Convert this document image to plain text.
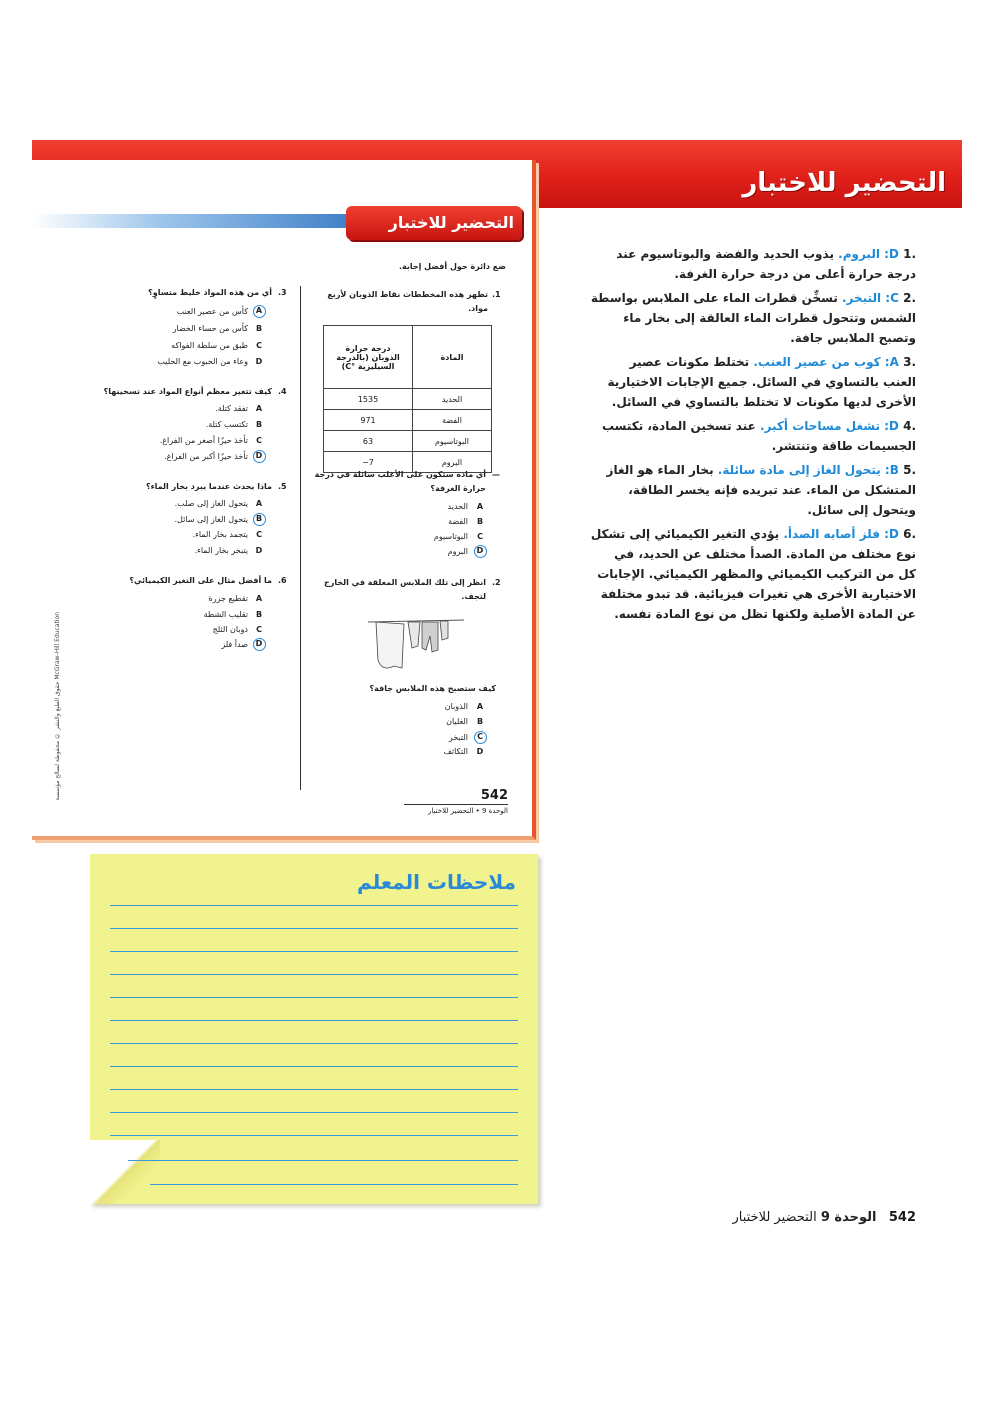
التحضير للاختبار
التحضير للاختبار
ضع دائرة حول أفضل إجابة.
1.
تظهر هذه المخططات نقاط الذوبان لأربع
مواد.
المادة	درجة حرارة
الذوبان (بالدرجة
السيليزية °C)

الحديد	1535
الفضة	971
البوتاسيوم	63
البروم	7−
—
أي مادة ستكون على الأغلب سائلة في درجة
حرارة الغرفة؟
A
الحديد
B
الفضة
C
البوتاسيوم
D
البروم
2.
انظر إلى تلك الملابس المعلقة في الخارج
لتجف.
كيف ستصبح هذه الملابس جافة؟
A
الذوبان
B
الغليان
C
التبخر
D
التكاثف
3.
أي من هذه المواد خليط متساوٍ؟
A
كأس من عصير العنب
B
كأس من حساء الخضار
C
طبق من سلطة الفواكه
D
وعاء من الحبوب مع الحليب
4.
كيف تتغير معظم أنواع المواد عند تسخينها؟
A
تفقد كتلة.
B
تكتسب كتلة.
C
تأخذ حيزًا أصغر من الفراغ.
D
تأخذ حيزًا أكبر من الفراغ.
5.
ماذا يحدث عندما يبرد بخار الماء؟
A
يتحول الغاز إلى صلب.
B
يتحول الغاز إلى سائل.
C
يتجمد بخار الماء.
D
يتبخر بخار الماء.
6.
ما أفضل مثال على التغير الكيميائي؟
A
تقطيع جزرة
B
تقليب الشطة
C
ذوبان الثلج
D
صدأ فلز
حقوق الطبع والنشر © محفوظة لصالح مؤسسة McGraw-Hill Education
542
الوحدة 9 • التحضير للاختبار
.1 D: البروم. يذوب الحديد والفضة والبوتاسيوم عند
درجة حرارة أعلى من درجة حرارة الغرفة.
.2 C: التبخر. تسخِّن قطرات الماء على الملابس بواسطة
الشمس وتتحول قطرات الماء العالقة إلى بخار ماء
وتصبح الملابس جافة.
.3 A: كوب من عصير العنب. تختلط مكونات عصير
العنب بالتساوي في السائل. جميع الإجابات الاختيارية
الأخرى لديها مكونات لا تختلط بالتساوي في السائل.
.4 D: تشغل مساحات أكبر. عند تسخين المادة، تكتسب
الجسيمات طاقة وتنتشر.
.5 B: يتحول الغاز إلى مادة سائلة. بخار الماء هو الغاز
المتشكل من الماء. عند تبريده فإنه يخسر الطاقة،
ويتحول إلى سائل.
.6 D: فلز أصابه الصدأ. يؤدي التغير الكيميائي إلى تشكل
نوع مختلف من المادة. الصدأ مختلف عن الحديد، في
كل من التركيب الكيميائي والمظهر الكيميائي. الإجابات
الاختيارية الأخرى هي تغيرات فيزيائية. قد تبدو مختلفة
عن المادة الأصلية ولكنها تظل من نوع المادة نفسه.
ملاحظات المعلم
542   الوحدة 9 التحضير للاختبار
